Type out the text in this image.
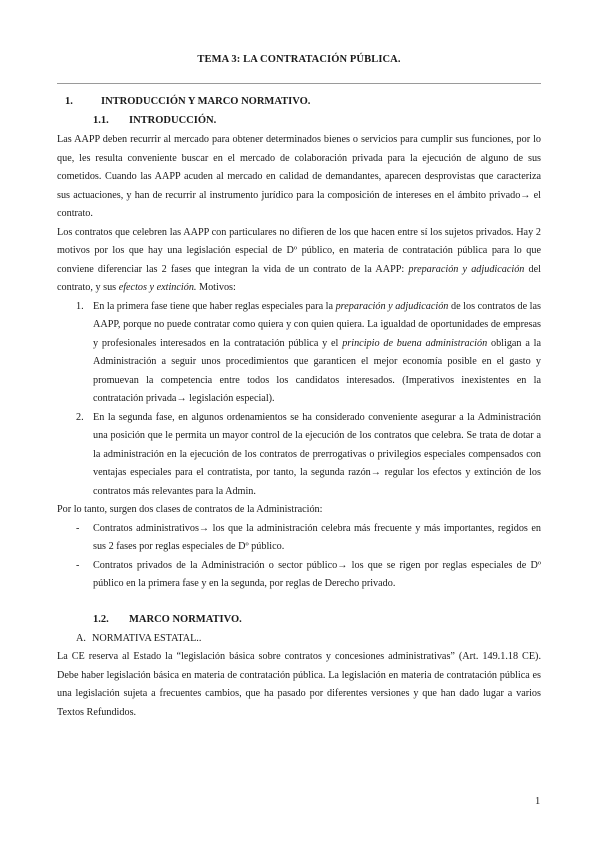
TEMA 3: LA CONTRATACIÓN PÚBLICA.
1.	INTRODUCCIÓN Y MARCO NORMATIVO.
1.1. INTRODUCCIÓN.

Las AAPP deben recurrir al mercado para obtener determinados bienes o servicios para cumplir sus funciones, por lo que, les resulta conveniente buscar en el mercado de colaboración privada para la ejecución de alguno de sus cometidos. Cuando las AAPP acuden al mercado en calidad de demandantes, aparecen desprovistas que caracteriza sus actuaciones, y han de recurrir al instrumento jurídico para la composición de intereses en el ámbito privado→ el contrato.

Los contratos que celebren las AAPP con particulares no difieren de los que hacen entre sí los sujetos privados. Hay 2 motivos por los que hay una legislación especial de Dº público, en materia de contratación pública para lo que conviene diferenciar las 2 fases que integran la vida de un contrato de la AAPP: preparación y adjudicación del contrato, y sus efectos y extinción. Motivos:

1. En la primera fase tiene que haber reglas especiales para la preparación y adjudicación de los contratos de las AAPP, porque no puede contratar como quiera y con quien quiera. La igualdad de oportunidades de empresas y profesionales interesados en la contratación pública y el principio de buena administración obligan a la Administración a seguir unos procedimientos que garanticen el mejor economía posible en el gasto y promuevan la competencia entre todos los candidatos interesados. (Imperativos inexistentes en la contratación privada→ legislación especial).
2. En la segunda fase, en algunos ordenamientos se ha considerado conveniente asegurar a la Administración una posición que le permita un mayor control de la ejecución de los contratos que celebra. Se trata de dotar a la administración en la ejecución de los contratos de prerrogativas o privilegios especiales compensados con ventajas especiales para el contratista, por tanto, la segunda razón→ regular los efectos y extinción de los contratos más relevantes para la Admin.

Por lo tanto, surgen dos clases de contratos de la Administración:

- Contratos administrativos→ los que la administración celebra más frecuente y más importantes, regidos en sus 2 fases por reglas especiales de Dº público.
- Contratos privados de la Administración o sector público→ los que se rigen por reglas especiales de Dº público en la primera fase y en la segunda, por reglas de Derecho privado.
1.2. MARCO NORMATIVO.

A. NORMATIVA ESTATAL..

La CE reserva al Estado la “legislación básica sobre contratos y concesiones administrativas” (Art. 149.1.18 CE). Debe haber legislación básica en materia de contratación pública. La legislación en materia de contratación pública es una legislación sujeta a frecuentes cambios, que ha pasado por diferentes versiones y que han dado lugar a varios Textos Refundidos.

1
